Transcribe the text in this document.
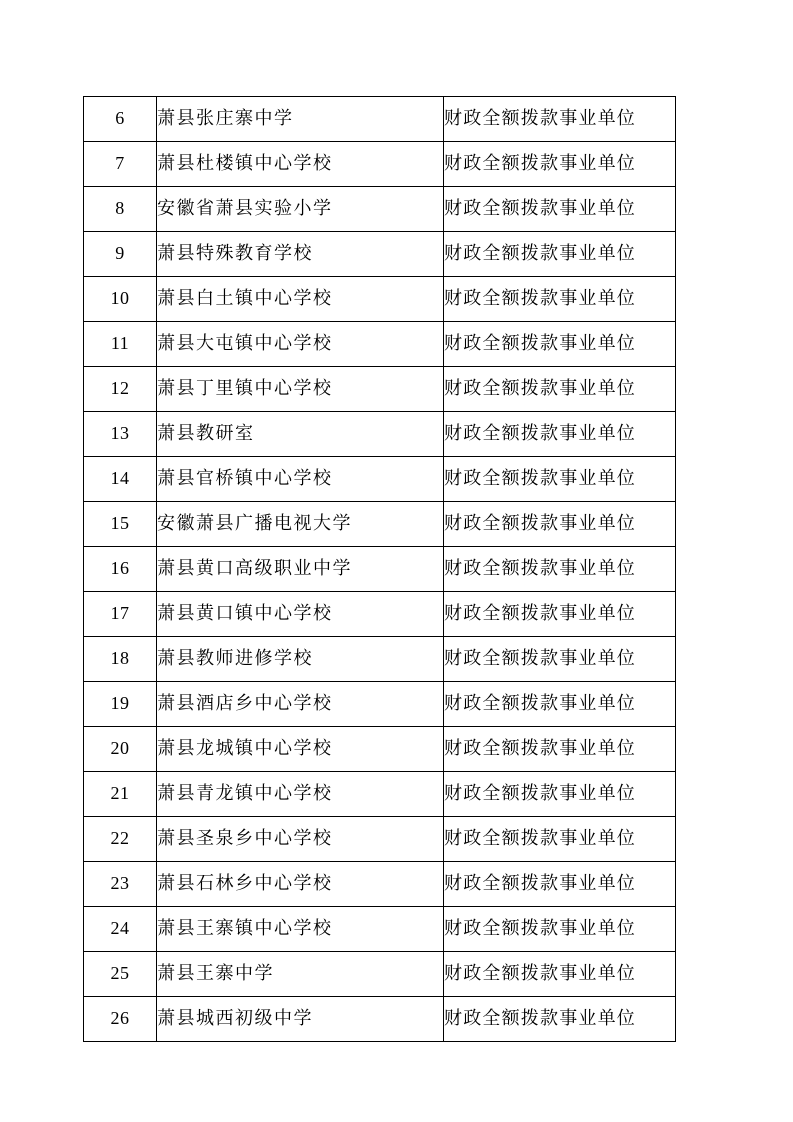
6	萧县张庄寨中学	财政全额拨款事业单位

7	萧县杜楼镇中心学校	财政全额拨款事业单位

8	安徽省萧县实验小学	财政全额拨款事业单位

9	萧县特殊教育学校	财政全额拨款事业单位

10	萧县白土镇中心学校	财政全额拨款事业单位

11	萧县大屯镇中心学校	财政全额拨款事业单位

12	萧县丁里镇中心学校	财政全额拨款事业单位

13	萧县教研室	财政全额拨款事业单位

14	萧县官桥镇中心学校	财政全额拨款事业单位

15	安徽萧县广播电视大学	财政全额拨款事业单位

16	萧县黄口高级职业中学	财政全额拨款事业单位

17	萧县黄口镇中心学校	财政全额拨款事业单位

18	萧县教师进修学校	财政全额拨款事业单位

19	萧县酒店乡中心学校	财政全额拨款事业单位

20	萧县龙城镇中心学校	财政全额拨款事业单位

21	萧县青龙镇中心学校	财政全额拨款事业单位

22	萧县圣泉乡中心学校	财政全额拨款事业单位

23	萧县石林乡中心学校	财政全额拨款事业单位

24	萧县王寨镇中心学校	财政全额拨款事业单位

25	萧县王寨中学	财政全额拨款事业单位

26	萧县城西初级中学	财政全额拨款事业单位
